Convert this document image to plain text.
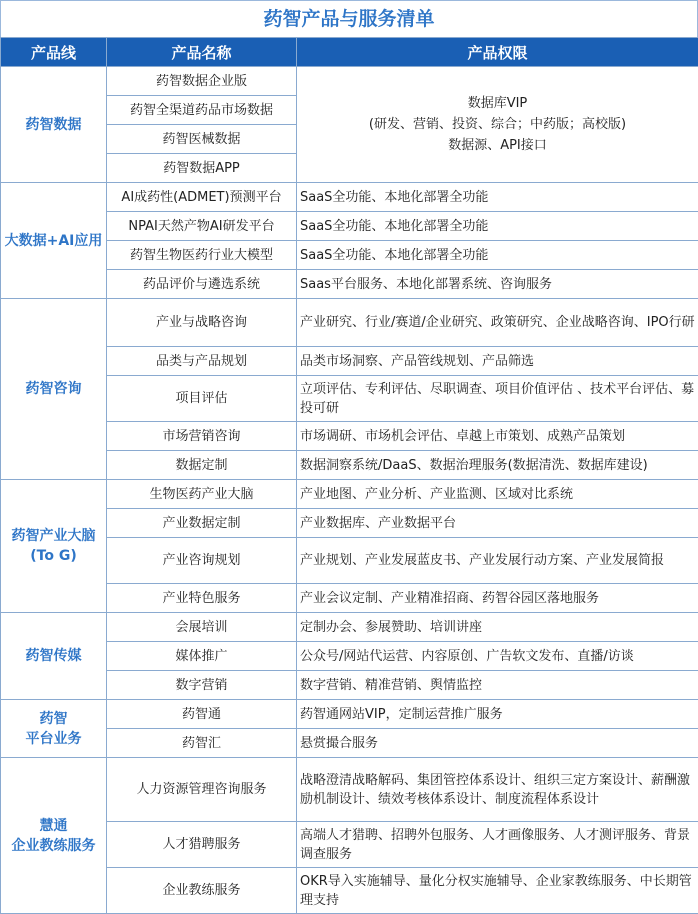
药智产品与服务清单
产品线	产品名称	产品权限
药智数据	药智数据企业版	数据库VIP
(研发、营销、投资、综合；中药版；高校版)
数据源、API接口

	药智全渠道药品市场数据	
	药智医械数据	
	药智数据APP	
大数据+AI应用	AI成药性(ADMET)预测平台	SaaS全功能、本地化部署全功能
	NPAI天然产物AI研发平台	SaaS全功能、本地化部署全功能
	药智生物医药行业大模型	SaaS全功能、本地化部署全功能
	药品评价与遴选系统	Saas平台服务、本地化部署系统、咨询服务
药智咨询	产业与战略咨询	产业研究、行业/赛道/企业研究、政策研究、企业战略咨询、IPO行研
	品类与产品规划	品类市场洞察、产品管线规划、产品筛选
	项目评估	立项评估、专利评估、尽职调查、项目价值评估 、技术平台评估、募投可研
	市场营销咨询	市场调研、市场机会评估、卓越上市策划、成熟产品策划
	数据定制	数据洞察系统/DaaS、数据治理服务(数据清洗、数据库建设)

药智产业大脑
(To G)	生物医药产业大脑	产业地图、产业分析、产业监测、区域对比系统
	产业数据定制	产业数据库、产业数据平台
	产业咨询规划	产业规划、产业发展蓝皮书、产业发展行动方案、产业发展简报
	产业特色服务	产业会议定制、产业精准招商、药智谷园区落地服务
药智传媒	会展培训	定制办会、参展赞助、培训讲座
	媒体推广	公众号/网站代运营、内容原创、广告软文发布、直播/访谈
	数字营销	数字营销、精准营销、舆情监控

药智
平台业务	药智通	药智通网站VIP，定制运营推广服务
	药智汇	悬赏撮合服务

慧通
企业教练服务	人力资源管理咨询服务	战略澄清战略解码、集团管控体系设计、组织三定方案设计、薪酬激励机制设计、绩效考核体系设计、制度流程体系设计
	人才猎聘服务	高端人才猎聘、招聘外包服务、人才画像服务、人才测评服务、背景调查服务
	企业教练服务	OKR导入实施辅导、量化分权实施辅导、企业家教练服务、中长期管理支持
